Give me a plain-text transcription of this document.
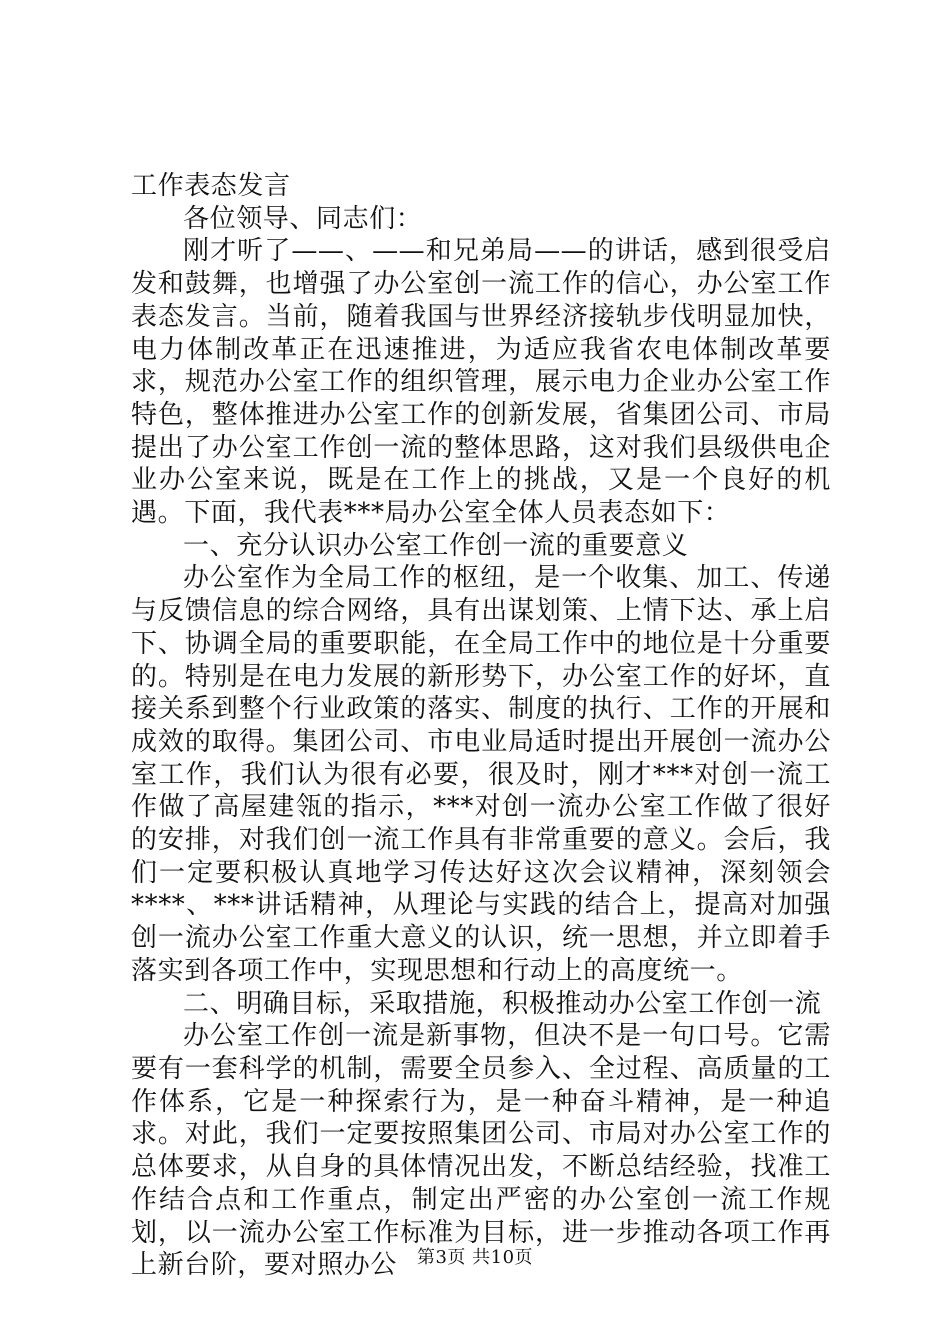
工作表态发言

各位领导、同志们：

刚才听了——、——和兄弟局——的讲话，感到很受启发和鼓舞，也增强了办公室创一流工作的信心，办公室工作表态发言。当前，随着我国与世界经济接轨步伐明显加快，电力体制改革正在迅速推进，为适应我省农电体制改革要求，规范办公室工作的组织管理，展示电力企业办公室工作特色，整体推进办公室工作的创新发展，省集团公司、市局提出了办公室工作创一流的整体思路，这对我们县级供电企业办公室来说，既是在工作上的挑战，又是一个良好的机遇。下面，我代表***局办公室全体人员表态如下：

一、充分认识办公室工作创一流的重要意义

办公室作为全局工作的枢纽，是一个收集、加工、传递与反馈信息的综合网络，具有出谋划策、上情下达、承上启下、协调全局的重要职能，在全局工作中的地位是十分重要的。特别是在电力发展的新形势下，办公室工作的好坏，直接关系到整个行业政策的落实、制度的执行、工作的开展和成效的取得。集团公司、市电业局适时提出开展创一流办公室工作，我们认为很有必要，很及时，刚才***对创一流工作做了高屋建瓴的指示，***对创一流办公室工作做了很好的安排，对我们创一流工作具有非常重要的意义。会后，我们一定要积极认真地学习传达好这次会议精神，深刻领会****、***讲话精神，从理论与实践的结合上，提高对加强创一流办公室工作重大意义的认识，统一思想，并立即着手落实到各项工作中，实现思想和行动上的高度统一。

二、明确目标，采取措施，积极推动办公室工作创一流

办公室工作创一流是新事物，但决不是一句口号。它需要有一套科学的机制，需要全员参入、全过程、高质量的工作体系，它是一种探索行为，是一种奋斗精神，是一种追求。对此，我们一定要按照集团公司、市局对办公室工作的总体要求，从自身的具体情况出发，不断总结经验，找准工作结合点和工作重点，制定出严密的办公室创一流工作规划，以一流办公室工作标准为目标，进一步推动各项工作再上新台阶，要对照办公	第3页 共10页
